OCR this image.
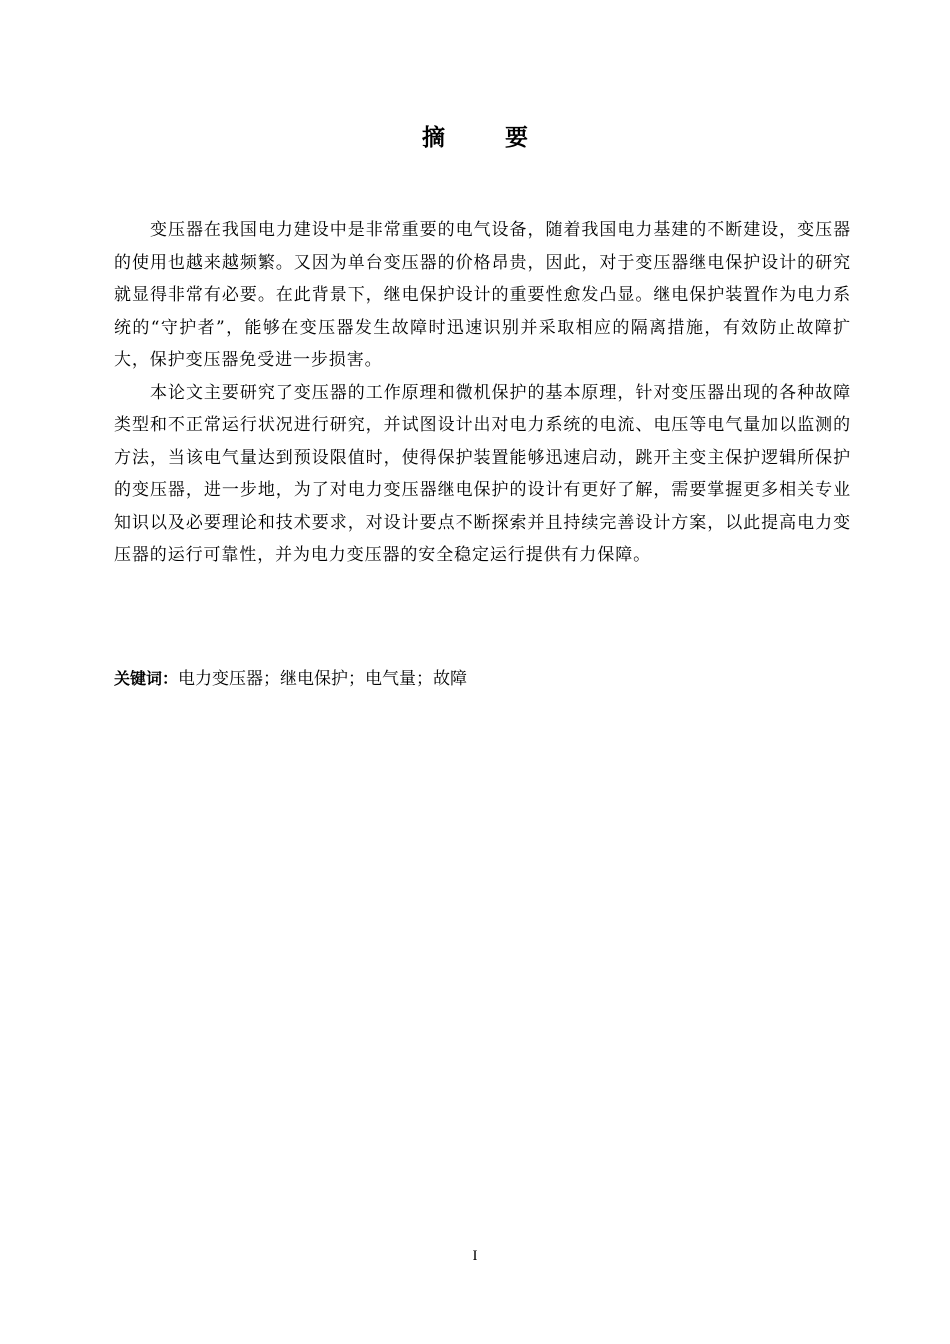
摘 要

变压器在我国电力建设中是非常重要的电气设备，随着我国电力基建的不断建设，变压器的使用也越来越频繁。又因为单台变压器的价格昂贵，因此，对于变压器继电保护设计的研究就显得非常有必要。在此背景下，继电保护设计的重要性愈发凸显。继电保护装置作为电力系统的“守护者”，能够在变压器发生故障时迅速识别并采取相应的隔离措施，有效防止故障扩大，保护变压器免受进一步损害。

本论文主要研究了变压器的工作原理和微机保护的基本原理，针对变压器出现的各种故障类型和不正常运行状况进行研究，并试图设计出对电力系统的电流、电压等电气量加以监测的方法，当该电气量达到预设限值时，使得保护装置能够迅速启动，跳开主变主保护逻辑所保护的变压器，进一步地，为了对电力变压器继电保护的设计有更好了解，需要掌握更多相关专业知识以及必要理论和技术要求，对设计要点不断探索并且持续完善设计方案，以此提高电力变压器的运行可靠性，并为电力变压器的安全稳定运行提供有力保障。

关键词：电力变压器；继电保护；电气量；故障
I
